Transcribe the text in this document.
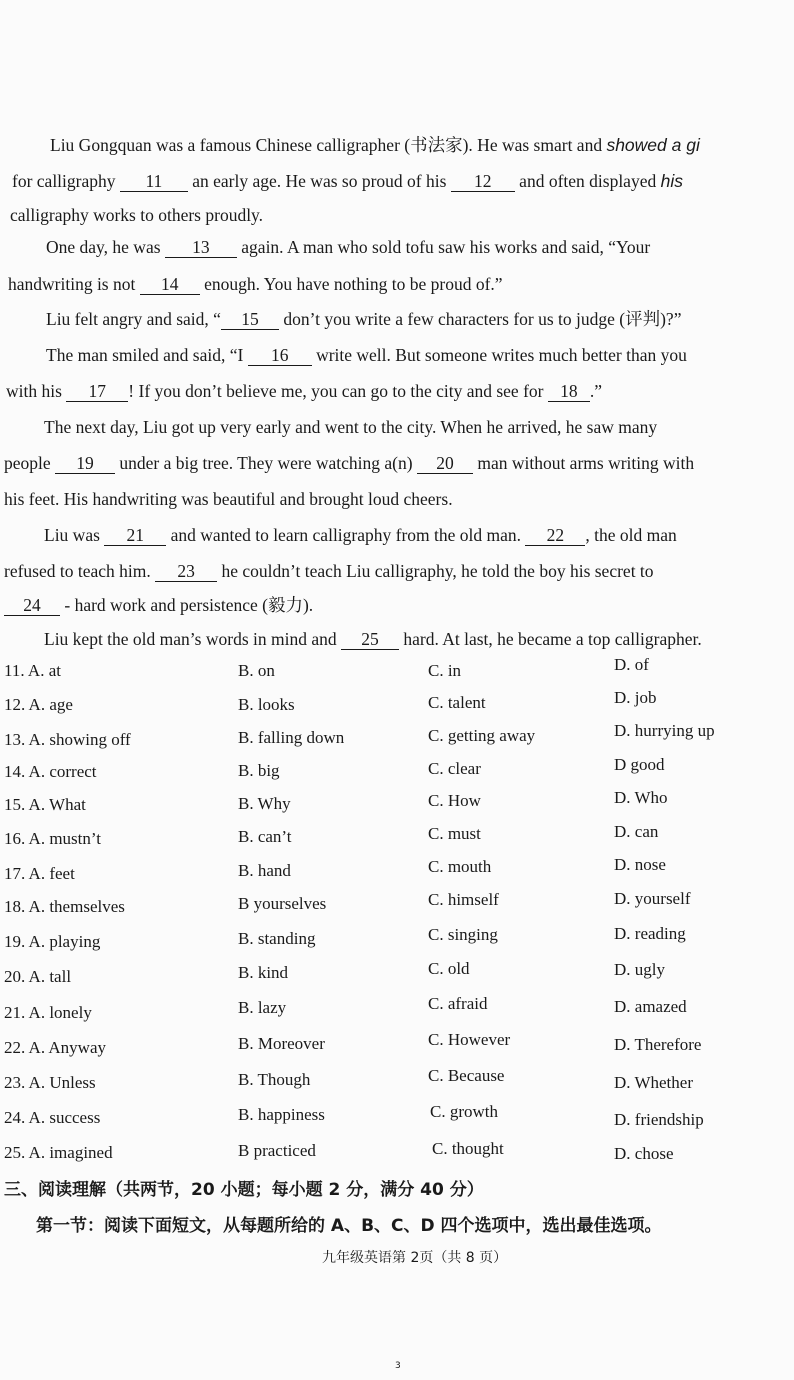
Liu Gongquan was a famous Chinese calligrapher (书法家). He was smart and showed a gi
for calligraphy 11 an early age. He was so proud of his 12 and often displayed his
calligraphy works to others proudly.
One day, he was 13 again. A man who sold tofu saw his works and said, “Your
handwriting is not 14 enough. You have nothing to be proud of.”
Liu felt angry and said, “ 15 don’t you write a few characters for us to judge (评判)?”
The man smiled and said, “I 16 write well. But someone writes much better than you
with his 17 ! If you don’t believe me, you can go to the city and see for 18 .”
The next day, Liu got up very early and went to the city. When he arrived, he saw many
people 19 under a big tree. They were watching a(n) 20 man without arms writing with
his feet. His handwriting was beautiful and brought loud cheers.
Liu was 21 and wanted to learn calligraphy from the old man. 22 , the old man
refused to teach him. 23 he couldn’t teach Liu calligraphy, he told the boy his secret to
24 - hard work and persistence (毅力).
Liu kept the old man’s words in mind and 25 hard. At last, he became a top calligrapher.
11. A. at	B. on	C. in	D. of
12. A. age	B. looks	C. talent	D. job
13. A. showing off	B. falling down	C. getting away	D. hurrying up
14. A. correct	B. big	C. clear	D good
15. A. What	B. Why	C. How	D. Who
16. A. mustn’t	B. can’t	C. must	D. can
17. A. feet	B. hand	C. mouth	D. nose
18. A. themselves	B yourselves	C. himself	D. yourself
19. A. playing	B. standing	C. singing	D. reading
20. A. tall	B. kind	C. old	D. ugly
21. A. lonely	B. lazy	C. afraid	D. amazed
22. A. Anyway	B. Moreover	C. However	D. Therefore
23. A. Unless	B. Though	C. Because	D. Whether
24. A. success	B. happiness	C. growth	D. friendship
25. A. imagined	B practiced	C. thought	D. chose
三、阅读理解（共两节，20 小题；每小题 2 分，满分 40 分）
第一节：阅读下面短文，从每题所给的 A、B、C、D 四个选项中，选出最佳选项。
九年级英语第 2页（共 8 页）
3
